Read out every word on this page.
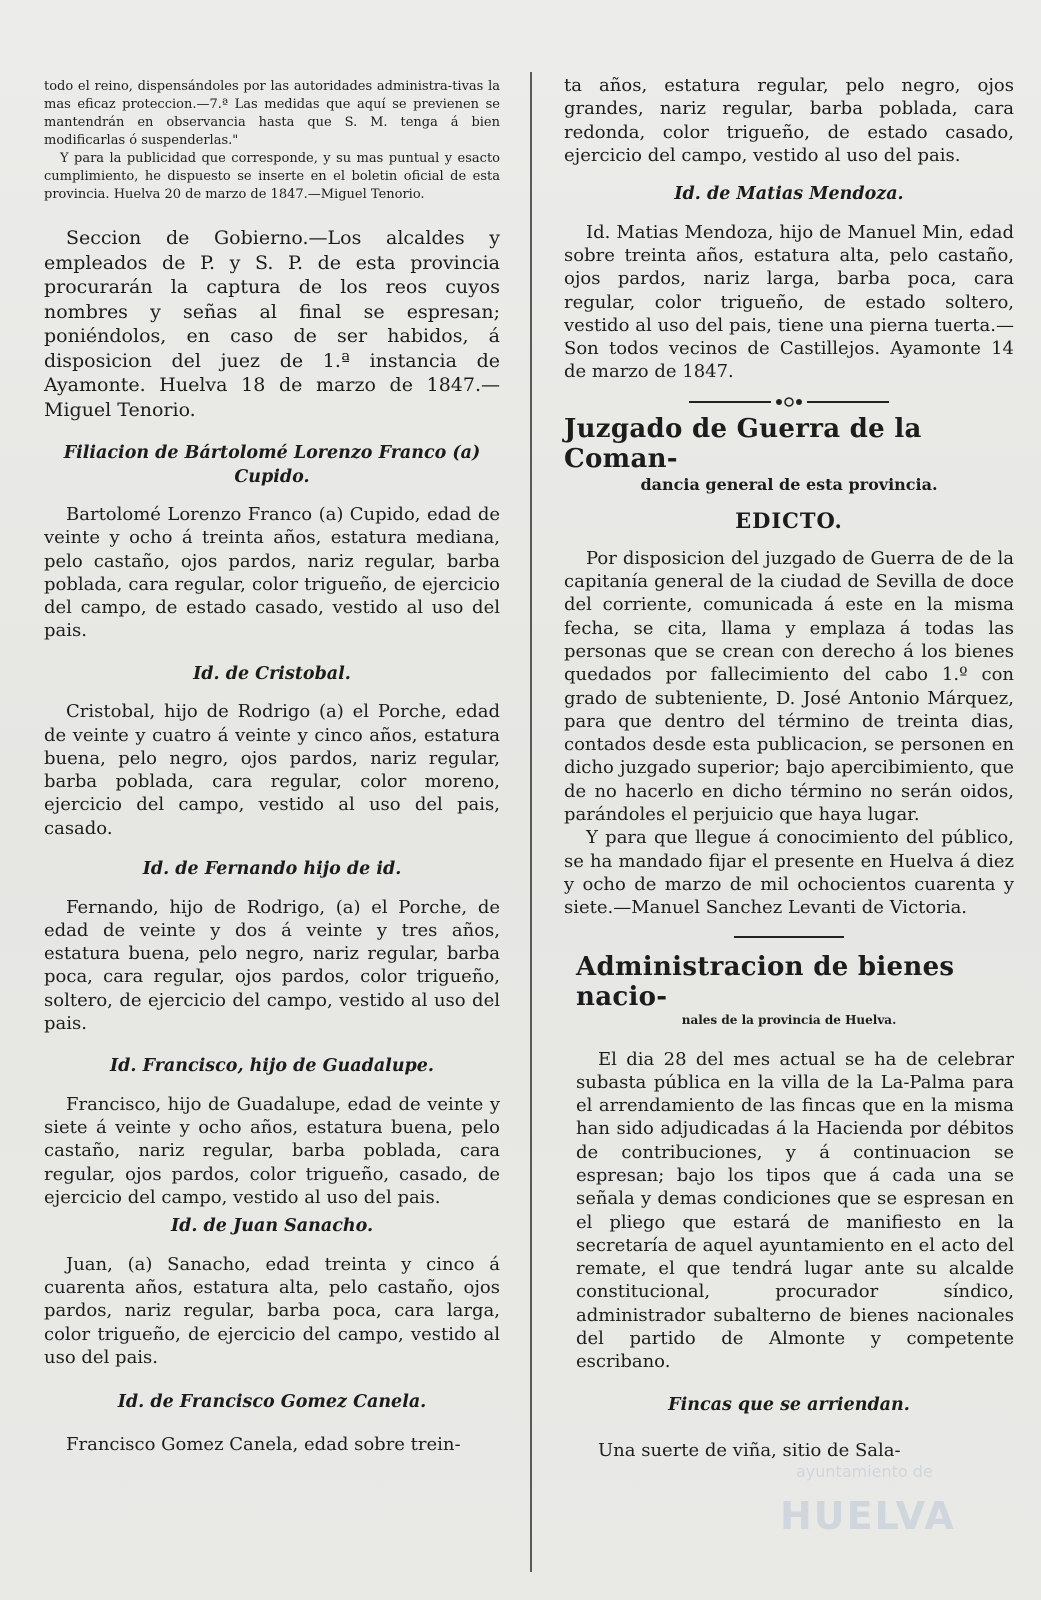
todo el reino, dispensándoles por las autoridades administra-tivas la mas eficaz proteccion.—7.ª Las medidas que aquí se previenen se mantendrán en observancia hasta que S. M. tenga á bien modificarlas ó suspenderlas."

Y para la publicidad que corresponde, y su mas puntual y esacto cumplimiento, he dispuesto se inserte en el boletin oficial de esta provincia. Huelva 20 de marzo de 1847.—Miguel Tenorio.

Seccion de Gobierno.—Los alcaldes y empleados de P. y S. P. de esta provincia procurarán la captura de los reos cuyos nombres y señas al final se espresan; poniéndolos, en caso de ser habidos, á disposicion del juez de 1.ª instancia de Ayamonte. Huelva 18 de marzo de 1847.—Miguel Tenorio.

Filiacion de Bártolomé Lorenzo Franco (a) Cupido.

Bartolomé Lorenzo Franco (a) Cupido, edad de veinte y ocho á treinta años, estatura mediana, pelo castaño, ojos pardos, nariz regular, barba poblada, cara regular, color trigueño, de ejercicio del campo, de estado casado, vestido al uso del pais.

Id. de Cristobal.

Cristobal, hijo de Rodrigo (a) el Porche, edad de veinte y cuatro á veinte y cinco años, estatura buena, pelo negro, ojos pardos, nariz regular, barba poblada, cara regular, color moreno, ejercicio del campo, vestido al uso del pais, casado.

Id. de Fernando hijo de id.

Fernando, hijo de Rodrigo, (a) el Porche, de edad de veinte y dos á veinte y tres años, estatura buena, pelo negro, nariz regular, barba poca, cara regular, ojos pardos, color trigueño, soltero, de ejercicio del campo, vestido al uso del pais.

Id. Francisco, hijo de Guadalupe.

Francisco, hijo de Guadalupe, edad de veinte y siete á veinte y ocho años, estatura buena, pelo castaño, nariz regular, barba poblada, cara regular, ojos pardos, color trigueño, casado, de ejercicio del campo, vestido al uso del pais.

Id. de Juan Sanacho.

Juan, (a) Sanacho, edad treinta y cinco á cuarenta años, estatura alta, pelo castaño, ojos pardos, nariz regular, barba poca, cara larga, color trigueño, de ejercicio del campo, vestido al uso del pais.

Id. de Francisco Gomez Canela.

Francisco Gomez Canela, edad sobre trein-

ta años, estatura regular, pelo negro, ojos grandes, nariz regular, barba poblada, cara redonda, color trigueño, de estado casado, ejercicio del campo, vestido al uso del pais.

Id. de Matias Mendoza.

Id. Matias Mendoza, hijo de Manuel Min, edad sobre treinta años, estatura alta, pelo castaño, ojos pardos, nariz larga, barba poca, cara regular, color trigueño, de estado soltero, vestido al uso del pais, tiene una pierna tuerta.—Son todos vecinos de Castillejos. Ayamonte 14 de marzo de 1847.

Juzgado de Guerra de la Coman-

dancia general de esta provincia.

EDICTO.

Por disposicion del juzgado de Guerra de de la capitanía general de la ciudad de Sevilla de doce del corriente, comunicada á este en la misma fecha, se cita, llama y emplaza á todas las personas que se crean con derecho á los bienes quedados por fallecimiento del cabo 1.º con grado de subteniente, D. José Antonio Márquez, para que dentro del término de treinta dias, contados desde esta publicacion, se personen en dicho juzgado superior; bajo apercibimiento, que de no hacerlo en dicho término no serán oidos, parándoles el perjuicio que haya lugar.

Y para que llegue á conocimiento del público, se ha mandado fijar el presente en Huelva á diez y ocho de marzo de mil ochocientos cuarenta y siete.—Manuel Sanchez Levanti de Victoria.

Administracion de bienes nacio-

nales de la provincia de Huelva.

El dia 28 del mes actual se ha de celebrar subasta pública en la villa de la La-Palma para el arrendamiento de las fincas que en la misma han sido adjudicadas á la Hacienda por débitos de contribuciones, y á continuacion se espresan; bajo los tipos que á cada una se señala y demas condiciones que se espresan en el pliego que estará de manifiesto en la secretaría de aquel ayuntamiento en el acto del remate, el que tendrá lugar ante su alcalde constitucional, procurador síndico, administrador subalterno de bienes nacionales del partido de Almonte y competente escribano.

Fincas que se arriendan.

Una suerte de viña, sitio de Sala-

ayuntamiento de
HUELVA
